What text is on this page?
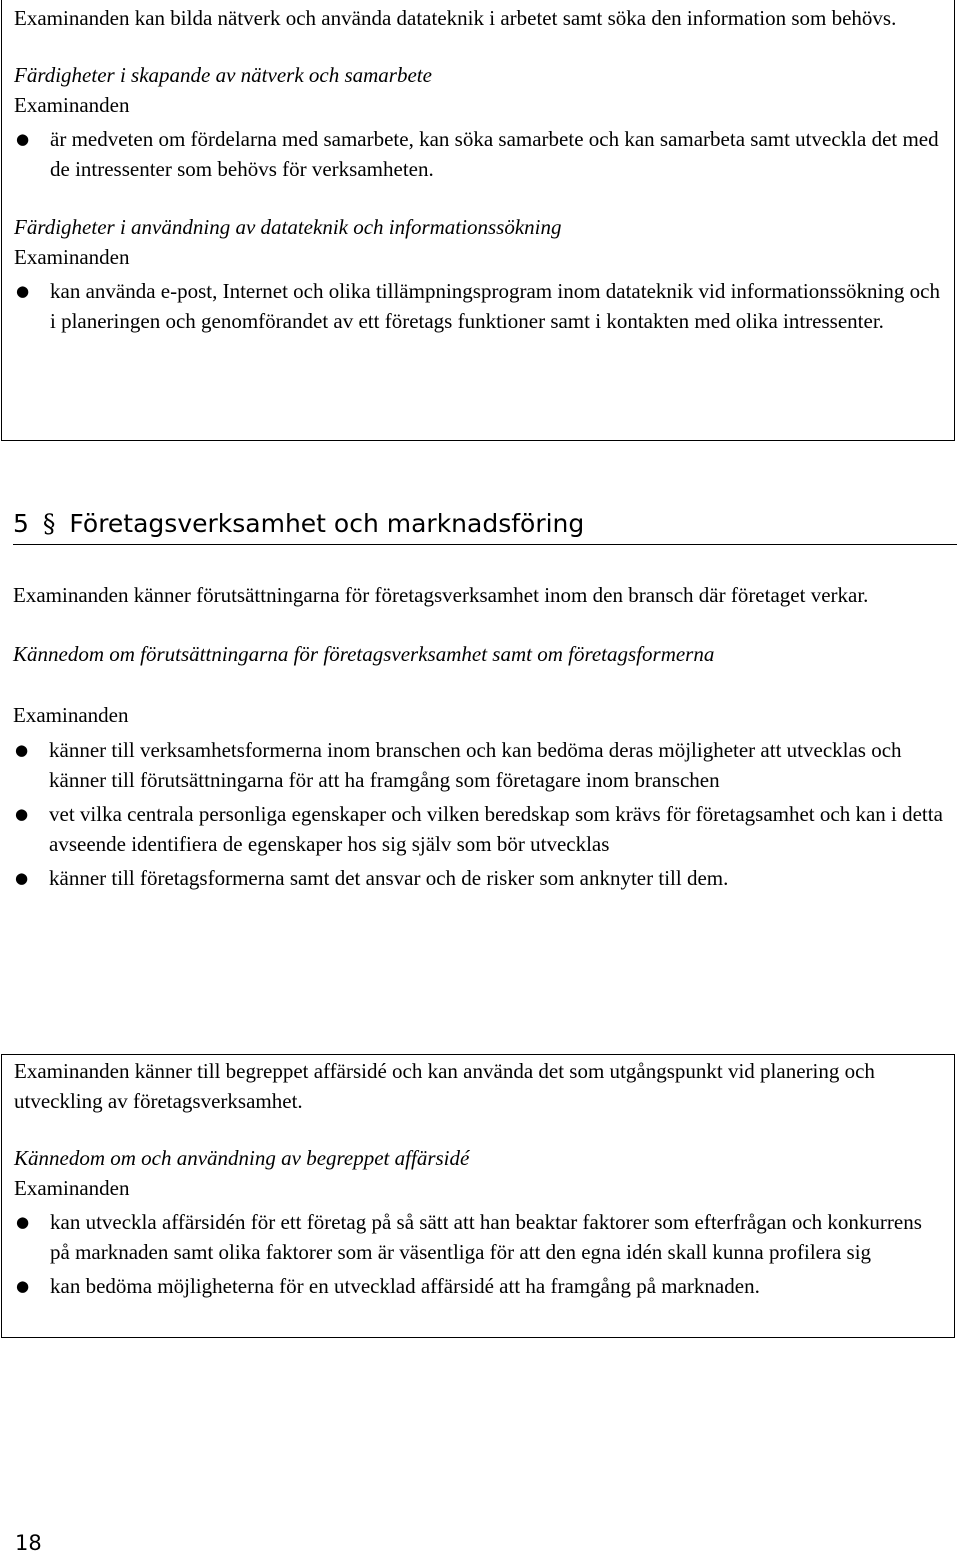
Examinanden kan bilda nätverk och använda datateknik i arbetet samt söka den information som behövs.

Färdigheter i skapande av nätverk och samarbete

Examinanden

● är medveten om fördelarna med samarbete, kan söka samarbete och kan samarbeta samt utveckla det med de intressenter som behövs för verksamheten.

Färdigheter i användning av datateknik och informationssökning

Examinanden

● kan använda e-post, Internet och olika tillämpningsprogram inom datateknik vid informationssökning och i planeringen och genomförandet av ett företags funktioner samt i kontakten med olika intressenter.
5 § Företagsverksamhet och marknadsföring

Examinanden känner förutsättningarna för företagsverksamhet inom den bransch där företaget verkar.

Kännedom om förutsättningarna för företagsverksamhet samt om företagsformerna

Examinanden

● känner till verksamhetsformerna inom branschen och kan bedöma deras möjligheter att utvecklas och känner till förutsättningarna för att ha framgång som företagare inom branschen
● vet vilka centrala personliga egenskaper och vilken beredskap som krävs för företagsamhet och kan i detta avseende identifiera de egenskaper hos sig själv som bör utvecklas
● känner till företagsformerna samt det ansvar och de risker som anknyter till dem.

Examinanden känner till begreppet affärsidé och kan använda det som utgångspunkt vid planering och utveckling av företagsverksamhet.

Kännedom om och användning av begreppet affärsidé

Examinanden

● kan utveckla affärsidén för ett företag på så sätt att han beaktar faktorer som efterfrågan och konkurrens på marknaden samt olika faktorer som är väsentliga för att den egna idén skall kunna profilera sig
● kan bedöma möjligheterna för en utvecklad affärsidé att ha framgång på marknaden.
18
